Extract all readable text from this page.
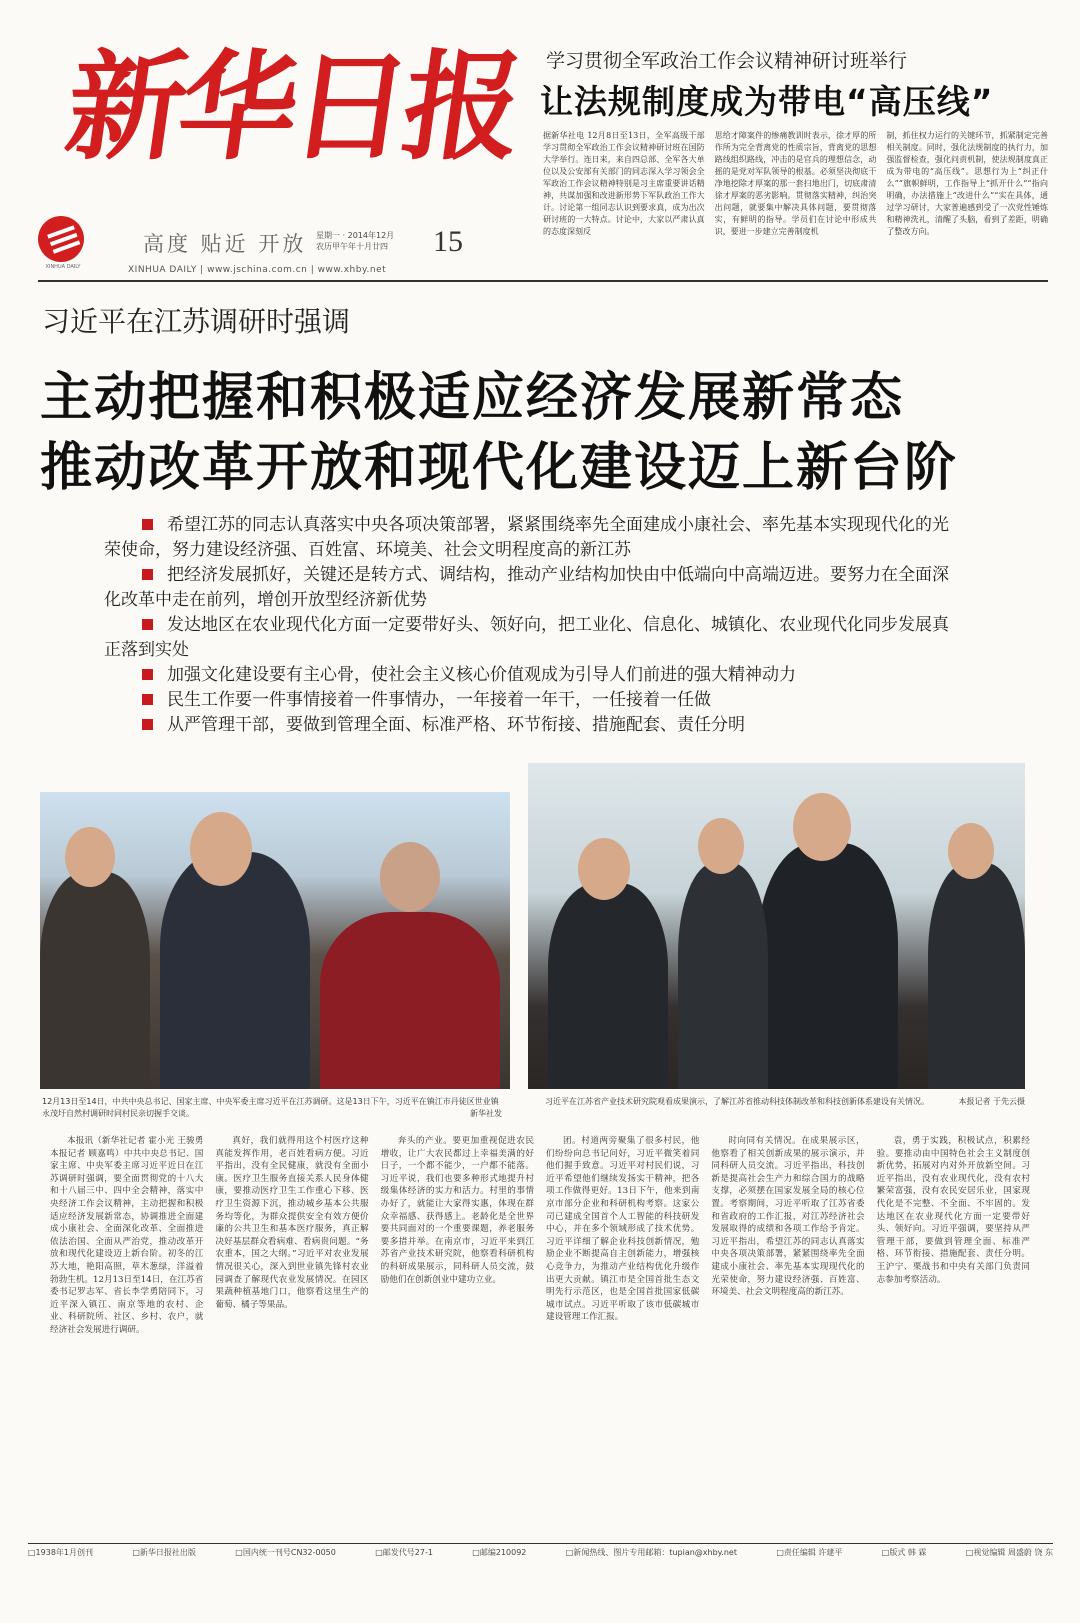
新华日报
XINHUA DAILY
高度 贴近 开放 星期一 · 2014年12月
农历甲午年十月廿四	15
XINHUA DAILY | www.jschina.com.cn | www.xhby.net
学习贯彻全军政治工作会议精神研讨班举行
让法规制度成为带电“高压线”
据新华社电 12月8日至13日，全军高级干部学习贯彻全军政治工作会议精神研讨班在国防大学举行。连日来，来自四总部、全军各大单位以及公安部有关部门的同志深入学习领会全军政治工作会议精神特别是习主席重要讲话精神，共谋加强和改进新形势下军队政治工作大计。讨论第一组同志认识到要求真，成为出次研讨班的一大特点。讨论中，大家以严肃认真的态度深刻反
思给才障案件的惨痛教训时表示，徐才厚的所作所为完全背离党的性质宗旨，背离党的思想路线组织路线，冲击的是官兵的理想信念，动摇的是党对军队领导的根基。必须坚决彻底干净地挖除才厚案的那一套扫地出门，切底肃清徐才厚案的恶劣影响。贯彻落实精神，纠治突出问题，就要集中解决具体问题，要贯彻落实，有鲜明的指导。学员们在讨论中形成共识，要进一步建立完善制度机
制，抓住权力运行的关键环节，抓紧制定完善相关制度。同时，强化法规制度的执行力，加强监督检查，强化问责机制，使法规制度真正成为带电的“高压线”。思想行为上“纠正什么”“旗帜鲜明，工作指导上“抓开什么”“指向明确，办法措施上“改进什么”“实在具体，通过学习研讨，大家普遍感到受了一次党性锤炼和精神洗礼，清醒了头脑，看到了差距，明确了整改方向。
习近平在江苏调研时强调
主动把握和积极适应经济发展新常态
推动改革开放和现代化建设迈上新台阶
希望江苏的同志认真落实中央各项决策部署，紧紧围绕率先全面建成小康社会、率先基本实现现代化的光荣使命，努力建设经济强、百姓富、环境美、社会文明程度高的新江苏
把经济发展抓好，关键还是转方式、调结构，推动产业结构加快由中低端向中高端迈进。要努力在全面深化改革中走在前列，增创开放型经济新优势
发达地区在农业现代化方面一定要带好头、领好向，把工业化、信息化、城镇化、农业现代化同步发展真正落到实处
加强文化建设要有主心骨，使社会主义核心价值观成为引导人们前进的强大精神动力
民生工作要一件事情接着一件事情办，一年接着一年干，一任接着一任做
从严管理干部，要做到管理全面、标准严格、环节衔接、措施配套、责任分明
12月13日至14日，中共中央总书记、国家主席、中央军委主席习近平在江苏调研。这是13日下午，习近平在镇江市丹徒区世业镇永茂圩自然村调研时同村民亲切握手交谈。	新华社发
习近平在江苏省产业技术研究院观看成果演示，了解江苏省推动科技体制改革和科技创新体系建设有关情况。	本报记者 于先云摄
本报讯（新华社记者 霍小光 王骏勇 本报记者 顾嘉鸣）中共中央总书记、国家主席、中央军委主席习近平近日在江苏调研时强调，要全面贯彻党的十八大和十八届三中、四中全会精神，落实中央经济工作会议精神，主动把握和积极适应经济发展新常态，协调推进全面建成小康社会、全面深化改革、全面推进依法治国、全面从严治党，推动改革开放和现代化建设迈上新台阶。初冬的江苏大地，艳阳高照，草木葱绿，洋溢着勃勃生机。12月13日至14日，在江苏省委书记罗志军、省长李学勇陪同下，习近平深入镇江、南京等地的农村、企业、科研院所、社区、乡村、农户，就经济社会发展进行调研。
真好，我们就得用这个村医疗这种真能发挥作用，老百姓看病方便。习近平指出，没有全民健康，就没有全面小康。医疗卫生服务直接关系人民身体健康，要推动医疗卫生工作重心下移、医疗卫生资源下沉，推动城乡基本公共服务均等化，为群众提供安全有效方便价廉的公共卫生和基本医疗服务，真正解决好基层群众看病难、看病贵问题。“务农重本，国之大纲。”习近平对农业发展情况很关心，深入到世业镇先锋村农业园调查了解现代农业发展情况。在园区果蔬种植基地门口，他察看这里生产的葡萄、橘子等果品。
奔头的产业。要更加重视促进农民增收，让广大农民都过上幸福美满的好日子，一个都不能少，一户都不能落。习近平说，我们也要多种形式地提升村级集体经济的实力和活力。村里的事情办好了，就能让大家得实惠，体现在群众幸福感、获得感上。老龄化是全世界要共同面对的一个重要课题，养老服务要多措并举。在南京市，习近平来到江苏省产业技术研究院，他察看科研机构的科研成果展示，同科研人员交流，鼓励他们在创新创业中建功立业。
团。村道两旁聚集了很多村民，他们纷纷向总书记问好，习近平微笑着同他们握手致意。习近平对村民们说，习近平希望他们继续发扬实干精神，把各项工作做得更好。13日下午，他来到南京市部分企业和科研机构考察。这家公司已建成全国首个人工智能的科技研发中心，并在多个领域形成了技术优势。习近平详细了解企业科技创新情况，勉励企业不断提高自主创新能力，增强核心竞争力，为推动产业结构优化升级作出更大贡献。镇江市是全国首批生态文明先行示范区，也是全国首批国家低碳城市试点。习近平听取了该市低碳城市建设管理工作汇报。
时向同有关情况。在成果展示区，他察看了相关创新成果的展示演示，并同科研人员交流。习近平指出，科技创新是提高社会生产力和综合国力的战略支撑，必须摆在国家发展全局的核心位置。考察期间，习近平听取了江苏省委和省政府的工作汇报，对江苏经济社会发展取得的成绩和各项工作给予肯定。习近平指出，希望江苏的同志认真落实中央各项决策部署，紧紧围绕率先全面建成小康社会、率先基本实现现代化的光荣使命，努力建设经济强、百姓富、环境美、社会文明程度高的新江苏。
袁，勇于实践，积极试点，积累经验。要推动由中国特色社会主义制度创新优势，拓展对内对外开放新空间。习近平指出，没有农业现代化，没有农村繁荣富强，没有农民安居乐业，国家现代化是不完整、不全面、不牢固的。发达地区在农业现代化方面一定要带好头、领好向。习近平强调，要坚持从严管理干部，要做到管理全面、标准严格、环节衔接、措施配套、责任分明。王沪宁、栗战书和中央有关部门负责同志参加考察活动。
□1938年1月创刊	□新华日报社出版	□国内统一刊号CN32-0050	□邮发代号27-1	□邮编210092	□新闻热线、图片专用邮箱：tupian@xhby.net	□责任编辑 许建平	□版式 韩 霖	□视觉编辑 周盛蔚 饶 东
